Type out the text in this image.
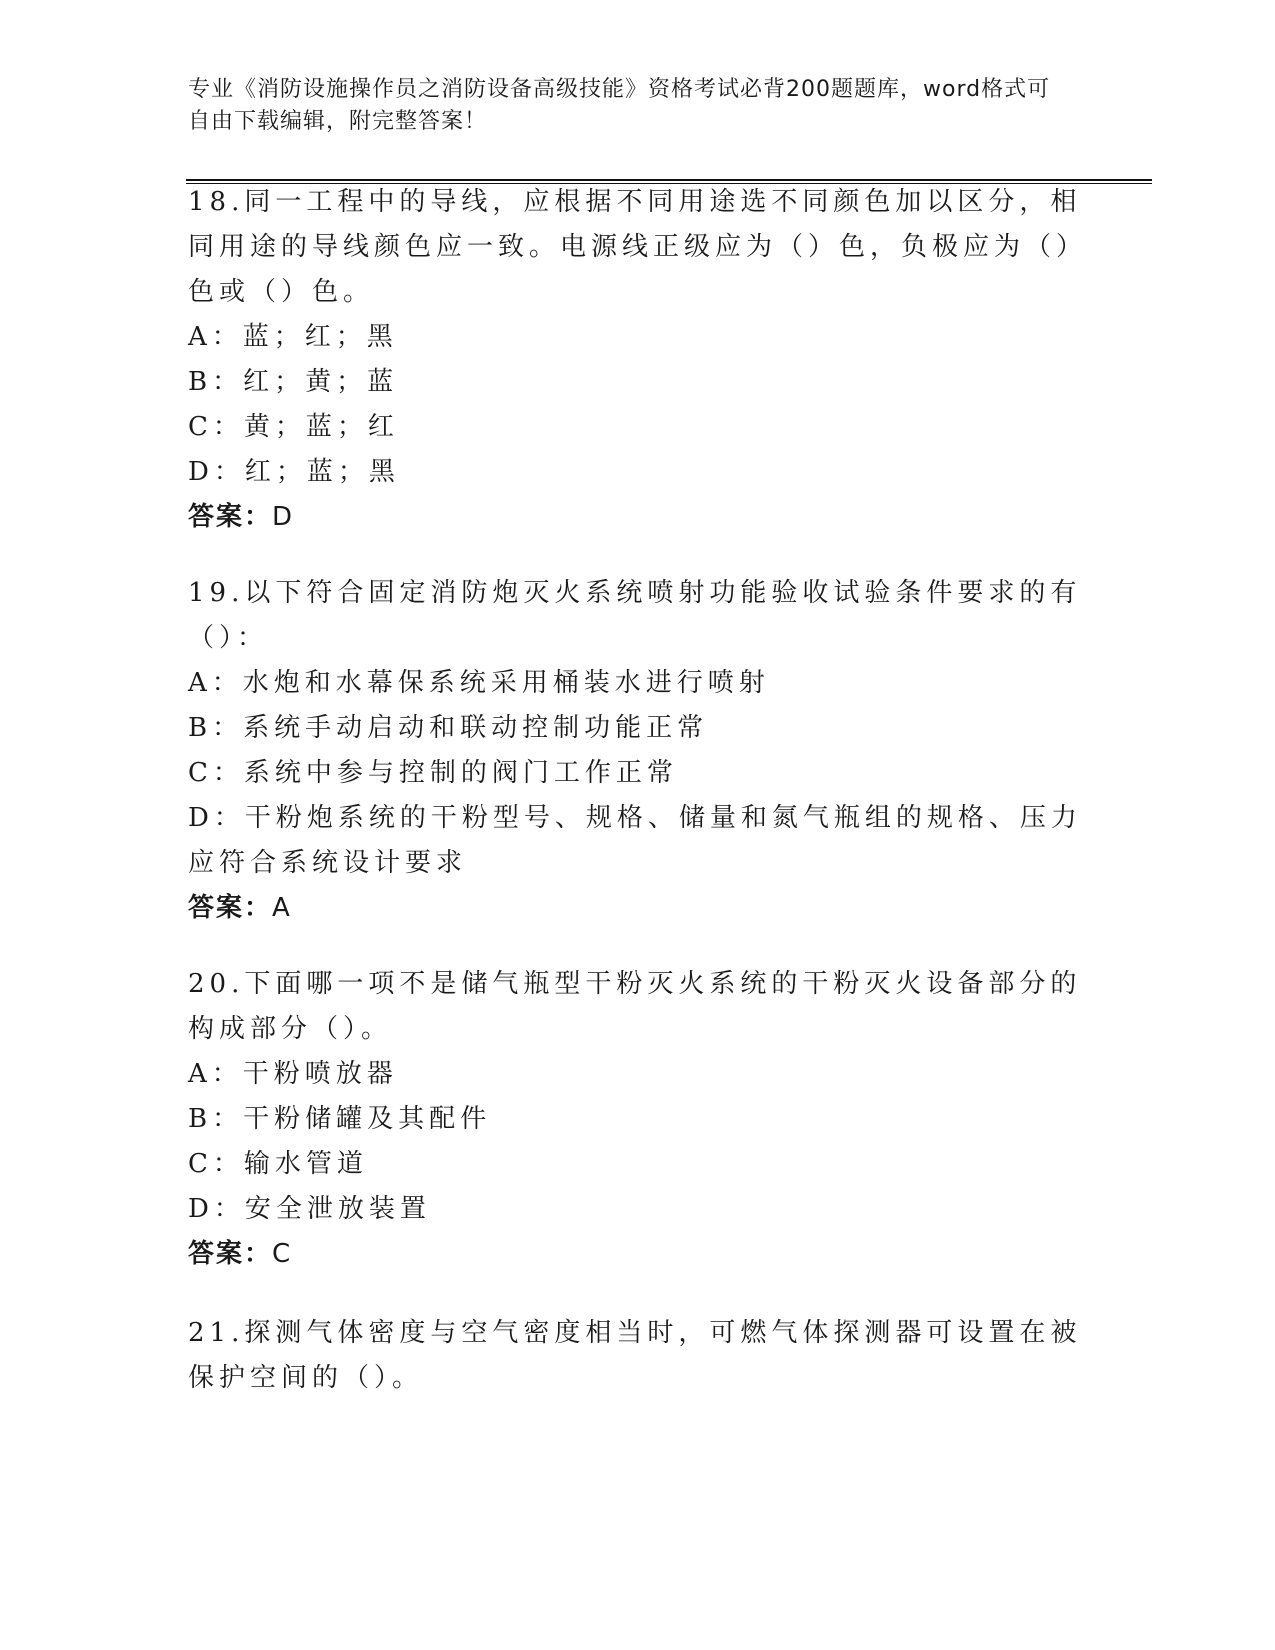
专业《消防设施操作员之消防设备高级技能》资格考试必背200题题库，word格式可自由下载编辑，附完整答案！

18.同一工程中的导线，应根据不同用途选不同颜色加以区分，相同用途的导线颜色应一致。电源线正级应为（）色，负极应为（）色或（）色。

A：蓝；红；黑

B：红；黄；蓝

C：黄；蓝；红

D：红；蓝；黑

答案：D

19.以下符合固定消防炮灭火系统喷射功能验收试验条件要求的有（）：

A：水炮和水幕保系统采用桶装水进行喷射

B：系统手动启动和联动控制功能正常

C：系统中参与控制的阀门工作正常

D：干粉炮系统的干粉型号、规格、储量和氮气瓶组的规格、压力应符合系统设计要求

答案：A

20.下面哪一项不是储气瓶型干粉灭火系统的干粉灭火设备部分的构成部分（）。

A：干粉喷放器

B：干粉储罐及其配件

C：输水管道

D：安全泄放装置

答案：C

21.探测气体密度与空气密度相当时，可燃气体探测器可设置在被保护空间的（）。
